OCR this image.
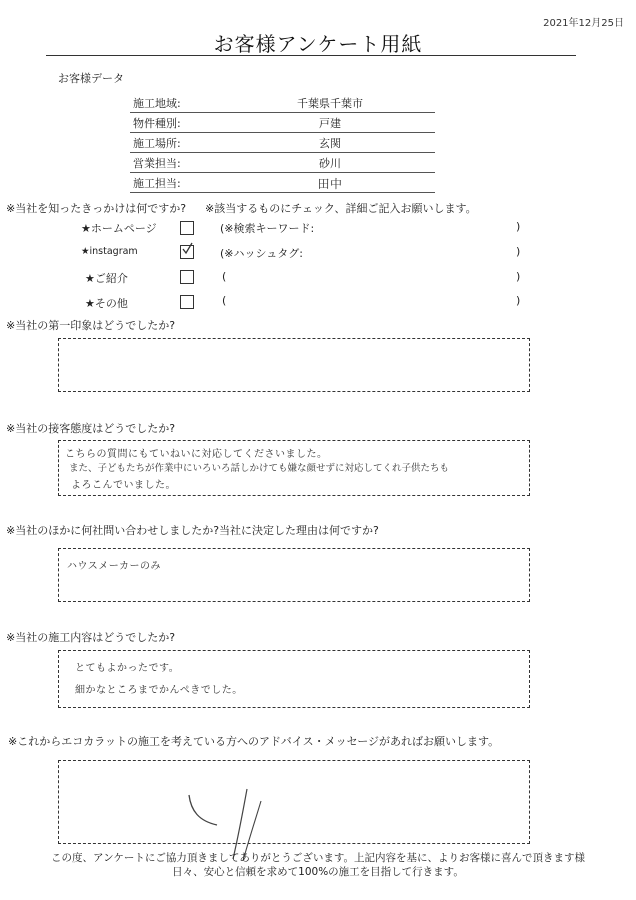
2021年12月25日
お客様アンケート用紙
お客様データ
施工地域:	千葉県千葉市
物件種別:	戸建
施工場所:	玄関
営業担当:	砂川
施工担当:	田中
※当社を知ったきっかけは何ですか? ※該当するものにチェック、詳細ご記入お願いします。
★ホームページ	(※検索キーワード:	)
★instagram	(※ハッシュタグ:	)
★ご紹介	(	)
★その他	(	)
※当社の第一印象はどうでしたか?
※当社の接客態度はどうでしたか?
こちらの質問にもていねいに対応してくださいました。
また、子どもたちが作業中にいろいろ話しかけても嫌な顔せずに対応してくれ子供たちも
よろこんでいました。
※当社のほかに何社問い合わせしましたか?当社に決定した理由は何ですか?
ハウスメーカーのみ
※当社の施工内容はどうでしたか?
とてもよかったです。
細かなところまでかんぺきでした。
※これからエコカラットの施工を考えている方へのアドバイス・メッセージがあればお願いします。
この度、アンケートにご協力頂きましてありがとうございます。上記内容を基に、よりお客様に喜んで頂きます様
日々、安心と信頼を求めて100%の施工を目指して行きます。
